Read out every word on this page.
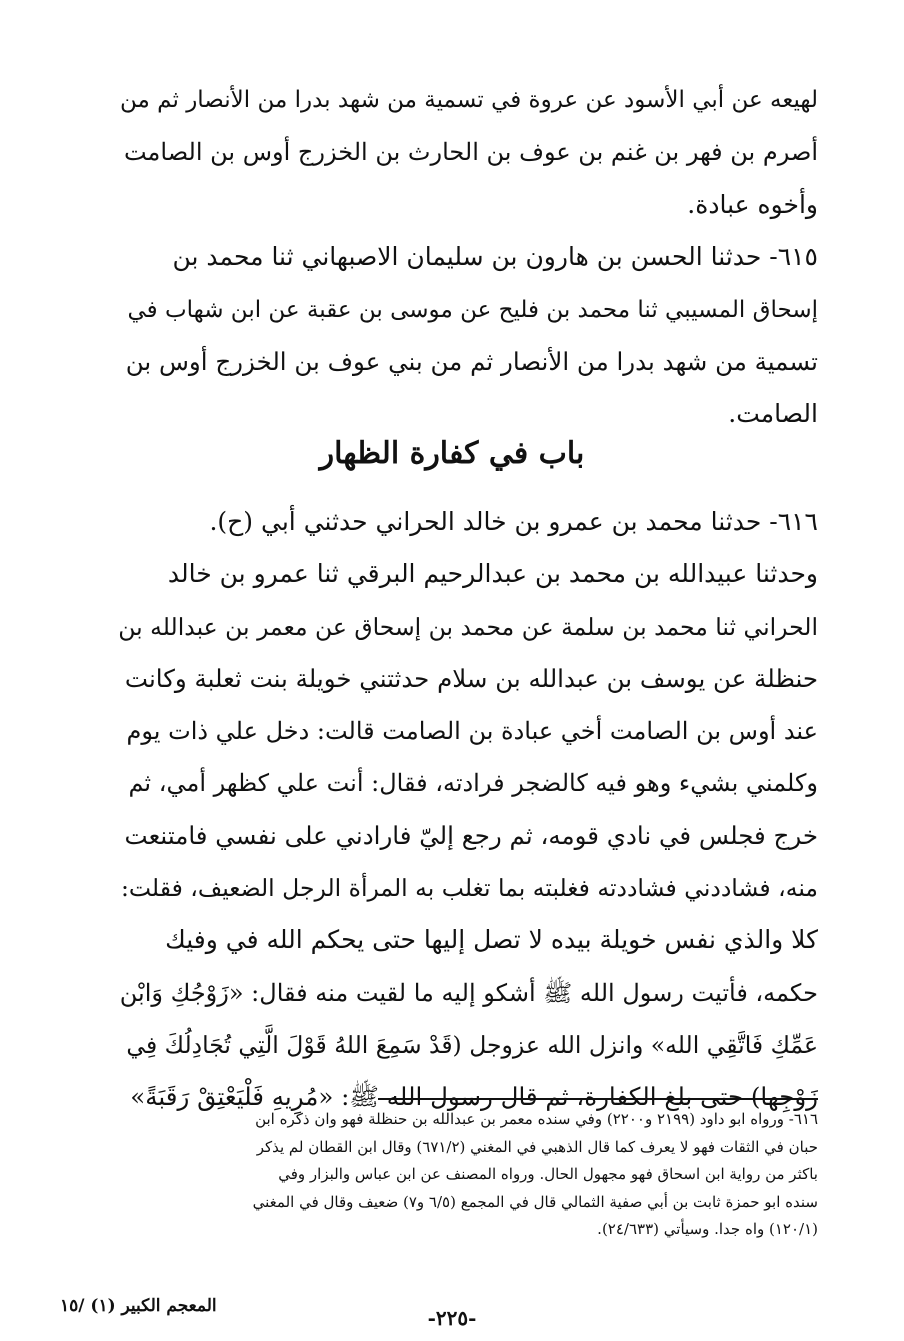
لهيعه عن أبي الأسود عن عروة في تسمية من شهد بدرا من الأنصار ثم من
أصرم بن فهر بن غنم بن عوف بن الحارث بن الخزرج أوس بن الصامت
وأخوه عبادة.
٦١٥- حدثنا الحسن بن هارون بن سليمان الاصبهاني ثنا محمد بن
إسحاق المسيبي ثنا محمد بن فليح عن موسى بن عقبة عن ابن شهاب في
تسمية من شهد بدرا من الأنصار ثم من بني عوف بن الخزرج أوس بن
الصامت.
باب في كفارة الظهار
٦١٦- حدثنا محمد بن عمرو بن خالد الحراني حدثني أبي (ح).
وحدثنا عبيدالله بن محمد بن عبدالرحيم البرقي ثنا عمرو بن خالد
الحراني ثنا محمد بن سلمة عن محمد بن إسحاق عن معمر بن عبدالله بن
حنظلة عن يوسف بن عبدالله بن سلام حدثتني خويلة بنت ثعلبة وكانت
عند أوس بن الصامت أخي عبادة بن الصامت قالت: دخل علي ذات يوم
وكلمني بشيء وهو فيه كالضجر فرادته، فقال: أنت علي كظهر أمي، ثم
خرج فجلس في نادي قومه، ثم رجع إليّ فارادني على نفسي فامتنعت
منه، فشاددني فشاددته فغلبته بما تغلب به المرأة الرجل الضعيف، فقلت:
كلا والذي نفس خويلة بيده لا تصل إليها حتى يحكم الله في وفيك
حكمه، فأتيت رسول الله ﷺ أشكو إليه ما لقيت منه فقال: «زَوْجُكِ وَابْن
عَمِّكِ فَاتَّقِي الله» وانزل الله عزوجل (قَدْ سَمِعَ اللهُ قَوْلَ الَّتِي تُجَادِلُكَ فِي
زَوْجِها) حتى بلغ الكفارة، ثم قال رسول الله ﷺ: «مُرِيهِ فَلْيَعْتِقْ رَقَبَةً»
٦١٦- ورواه ابو داود (٢١٩٩ و٢٢٠٠) وفي سنده معمر بن عبدالله بن حنظلة فهو وان ذكره ابن
حبان في الثقات فهو لا يعرف كما قال الذهبي في المغني (٦٧١/٢) وقال ابن القطان لم يذكر
باكثر من رواية ابن اسحاق فهو مجهول الحال. ورواه المصنف عن ابن عباس والبزار وفي
سنده ابو حمزة ثابت بن أبي صفية الثمالي قال في المجمع (٦/٥ و٧) ضعيف وقال في المغني
(١٢٠/١) واه جدا. وسيأتي (٢٤/٦٣٣).
المعجم الكبير (١) /١٥	-٢٢٥-
